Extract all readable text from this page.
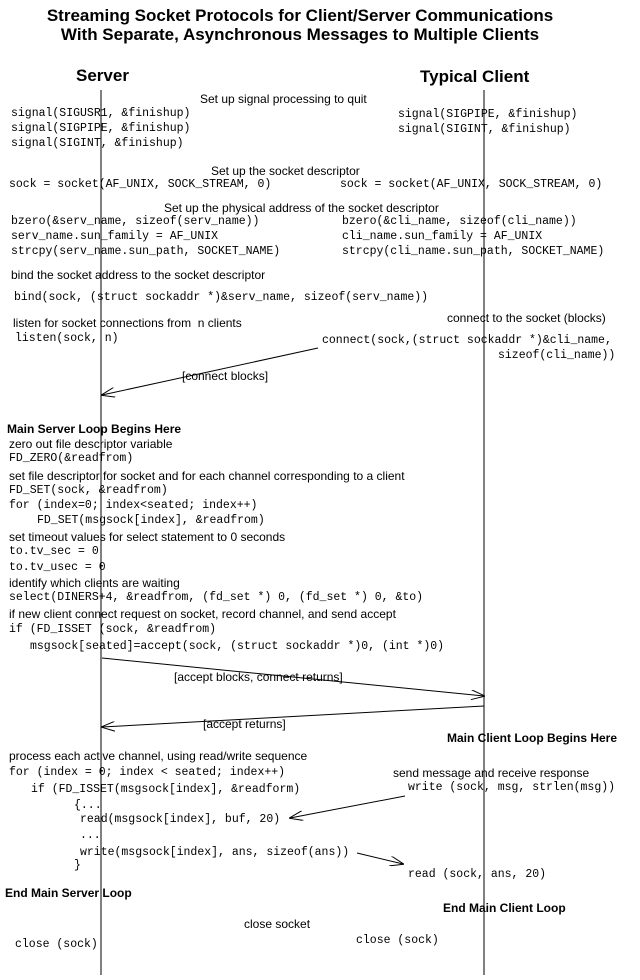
Streaming Socket Protocols for Client/Server Communications
With Separate, Asynchronous Messages to Multiple Clients
Server	Typical Client
Set up signal processing to quit
signal(SIGUSR1, &finishup)
signal(SIGPIPE, &finishup)
signal(SIGINT, &finishup)
signal(SIGPIPE, &finishup)
signal(SIGINT, &finishup)
Set up the socket descriptor
sock = socket(AF_UNIX, SOCK_STREAM, 0)	sock = socket(AF_UNIX, SOCK_STREAM, 0)
Set up the physical address of the socket descriptor
bzero(&serv_name, sizeof(serv_name))
serv_name.sun_family = AF_UNIX
strcpy(serv_name.sun_path, SOCKET_NAME)
bzero(&cli_name, sizeof(cli_name))
cli_name.sun_family = AF_UNIX
strcpy(cli_name.sun_path, SOCKET_NAME)
bind the socket address to the socket descriptor
bind(sock, (struct sockaddr *)&serv_name, sizeof(serv_name))
listen for socket connections from  n clients	connect to the socket (blocks)
listen(sock, n)	connect(sock,(struct sockaddr *)&cli_name,
sizeof(cli_name))
[connect blocks]
Main Server Loop Begins Here
zero out file descriptor variable
FD_ZERO(&readfrom)
set file descriptor for socket and for each channel corresponding to a client
FD_SET(sock, &readfrom)
for (index=0; index<seated; index++)
FD_SET(msgsock[index], &readfrom)
set timeout values for select statement to 0 seconds
to.tv_sec = 0
to.tv_usec = 0
identify which clients are waiting
select(DINERS+4, &readfrom, (fd_set *) 0, (fd_set *) 0, &to)
if new client connect request on socket, record channel, and send accept
if (FD_ISSET (sock, &readfrom)
msgsock[seated]=accept(sock, (struct sockaddr *)0, (int *)0)
[accept blocks, connect returns]
[accept returns]
Main Client Loop Begins Here
process each active channel, using read/write sequence
for (index = 0; index < seated; index++)	send message and receive response
if (FD_ISSET(msgsock[index], &readform)	write (sock, msg, strlen(msg))
{...
read(msgsock[index], buf, 20)
...
write(msgsock[index], ans, sizeof(ans))
}
read (sock, ans, 20)
End Main Server Loop
End Main Client Loop
close socket
close (sock)	close (sock)
